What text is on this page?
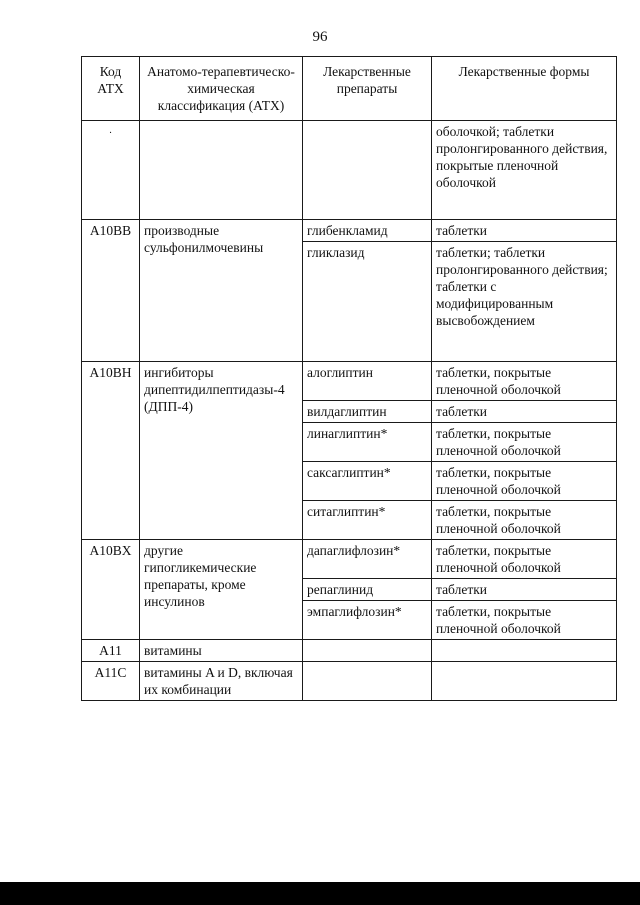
96
Код АТХ	Анатомо-терапевтическо-химическая классификация (АТХ)	Лекарственные препараты	Лекарственные формы
·			оболочкой; таблетки пролонгированного действия, покрытые пленочной оболочкой
A10BB	производные сульфонилмочевины	глибенкламид	таблетки
		гликлазид	таблетки; таблетки пролонгированного действия; таблетки с модифицированным высвобождением
A10BH	ингибиторы дипептидилпептидазы-4 (ДПП-4)	алоглиптин	таблетки, покрытые пленочной оболочкой
		вилдаглиптин	таблетки
		линаглиптин*	таблетки, покрытые пленочной оболочкой
		саксаглиптин*	таблетки, покрытые пленочной оболочкой
		ситаглиптин*	таблетки, покрытые пленочной оболочкой
A10BX	другие гипогликемические препараты, кроме инсулинов	дапаглифлозин*	таблетки, покрытые пленочной оболочкой
		репаглинид	таблетки
		эмпаглифлозин*	таблетки, покрытые пленочной оболочкой
A11	витамины		
A11C	витамины A и D, включая их комбинации		
